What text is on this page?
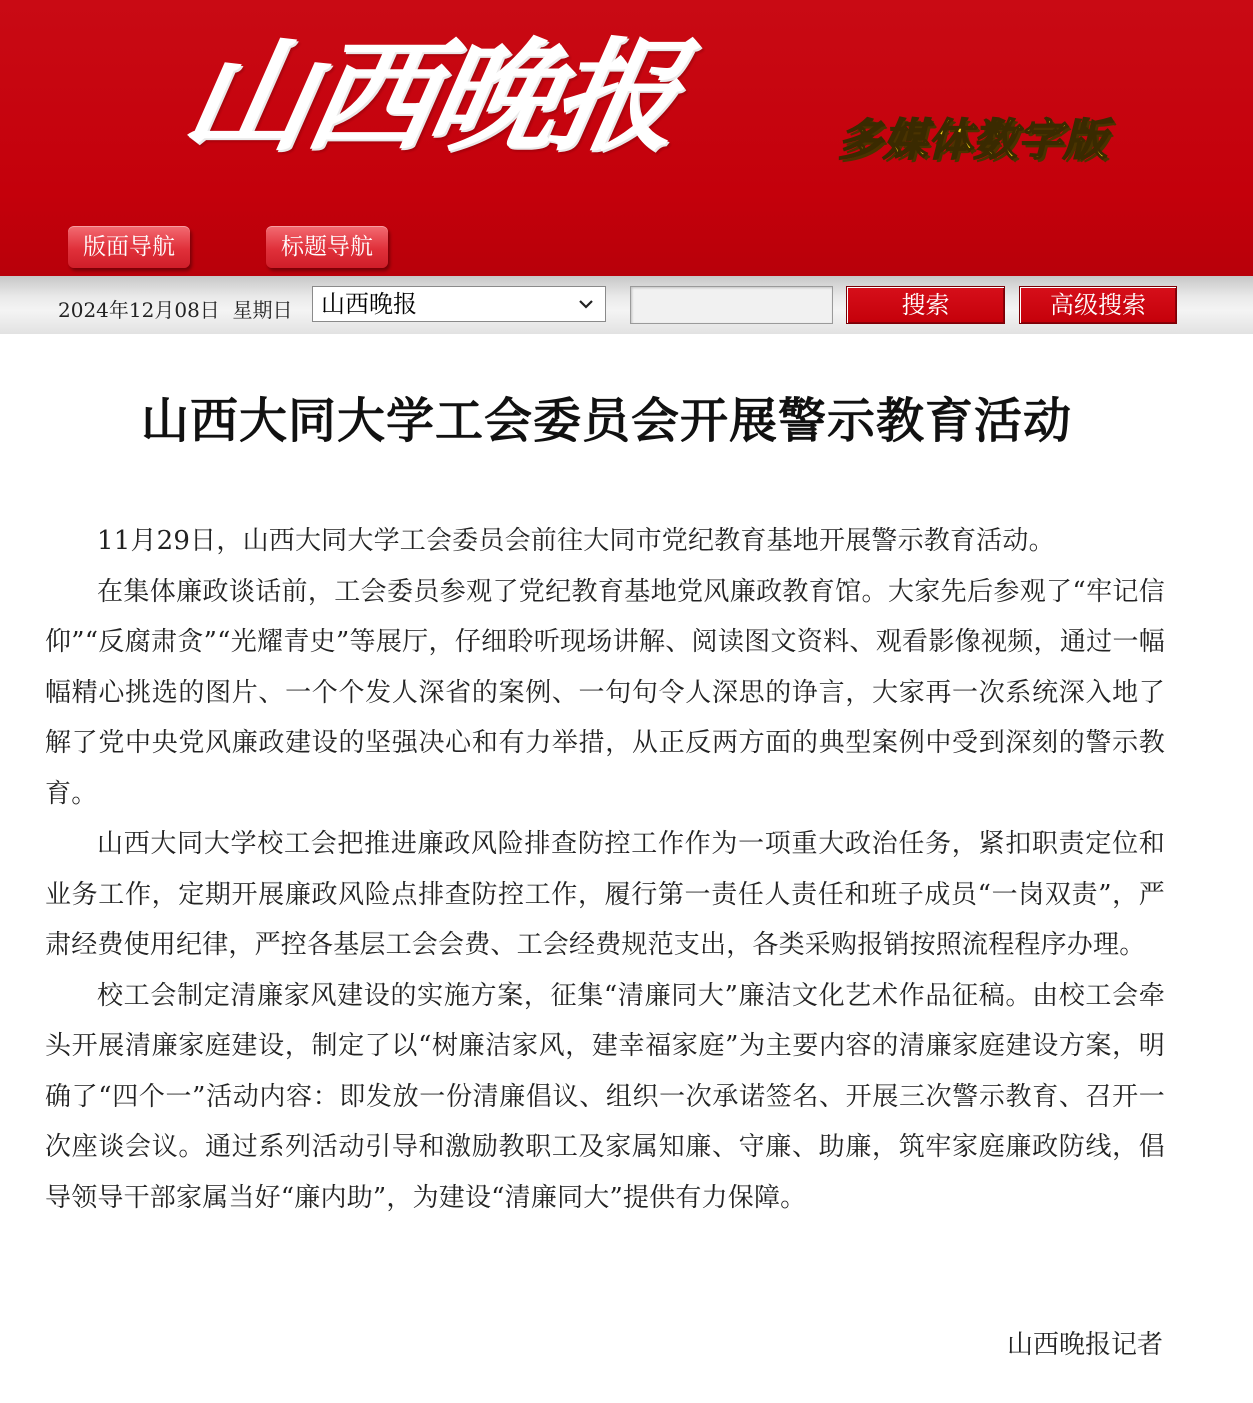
山西晚报	多媒体数字版
版面导航	标题导航
2024年12月08日 星期日	山西晚报	搜索	高级搜索
山西大同大学工会委员会开展警示教育活动

11月29日，山西大同大学工会委员会前往大同市党纪教育基地开展警示教育活动。

在集体廉政谈话前，工会委员参观了党纪教育基地党风廉政教育馆。大家先后参观了“牢记信仰”“反腐肃贪”“光耀青史”等展厅，仔细聆听现场讲解、阅读图文资料、观看影像视频，通过一幅幅精心挑选的图片、一个个发人深省的案例、一句句令人深思的诤言，大家再一次系统深入地了解了党中央党风廉政建设的坚强决心和有力举措，从正反两方面的典型案例中受到深刻的警示教育。

山西大同大学校工会把推进廉政风险排查防控工作作为一项重大政治任务，紧扣职责定位和业务工作，定期开展廉政风险点排查防控工作，履行第一责任人责任和班子成员“一岗双责”，严肃经费使用纪律，严控各基层工会会费、工会经费规范支出，各类采购报销按照流程程序办理。

校工会制定清廉家风建设的实施方案，征集“清廉同大”廉洁文化艺术作品征稿。由校工会牵头开展清廉家庭建设，制定了以“树廉洁家风，建幸福家庭”为主要内容的清廉家庭建设方案，明确了“四个一”活动内容：即发放一份清廉倡议、组织一次承诺签名、开展三次警示教育、召开一次座谈会议。通过系列活动引导和激励教职工及家属知廉、守廉、助廉，筑牢家庭廉政防线，倡导领导干部家属当好“廉内助”，为建设“清廉同大”提供有力保障。

山西晚报记者
